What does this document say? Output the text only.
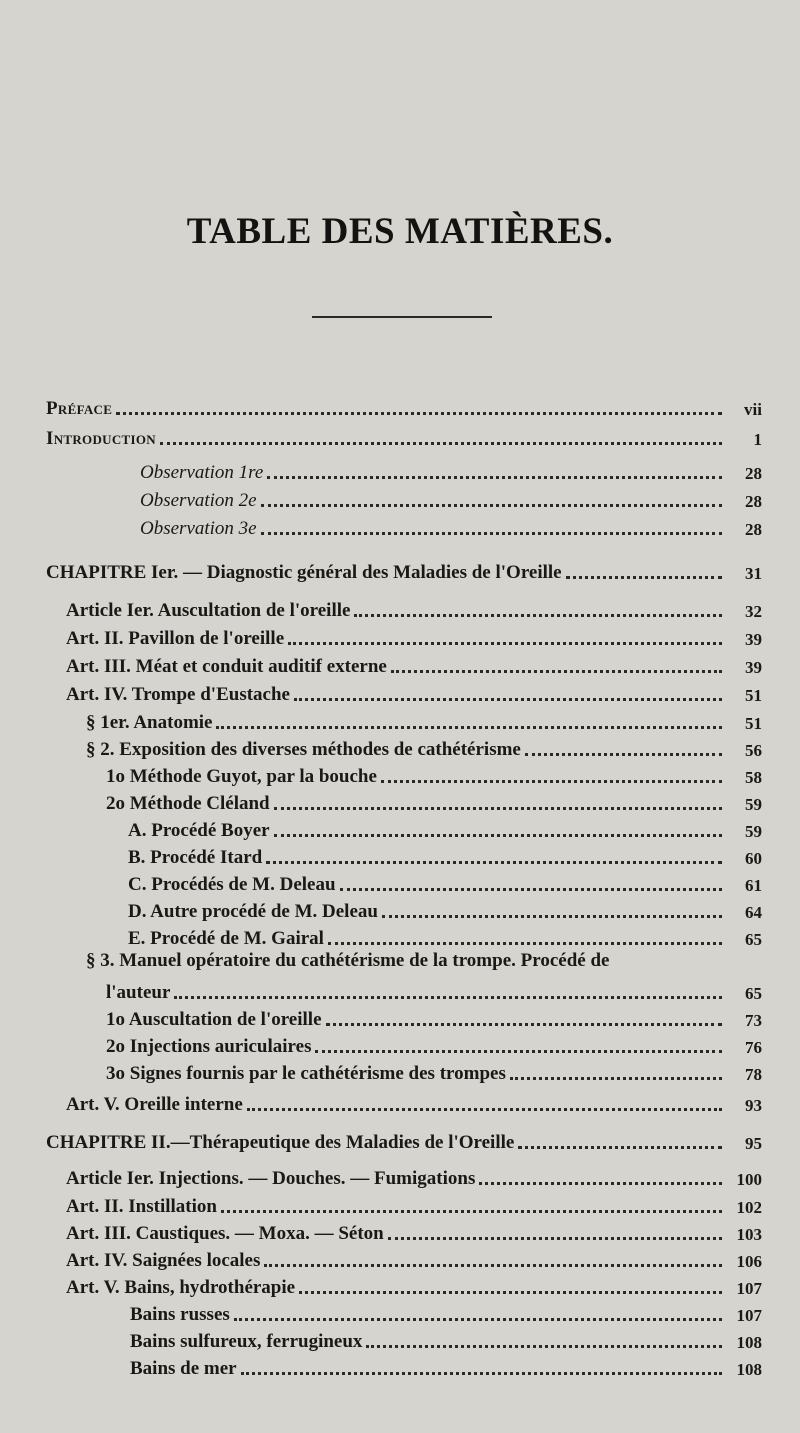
TABLE DES MATIÈRES.
Préface	vii
Introduction	1
Observation 1re	28
Observation 2e	28
Observation 3e	28
CHAPITRE Ier. — Diagnostic général des Maladies de l'Oreille	31
Article Ier. Auscultation de l'oreille	32
Art. II. Pavillon de l'oreille	39
Art. III. Méat et conduit auditif externe	39
Art. IV. Trompe d'Eustache	51
§ 1er. Anatomie	51
§ 2. Exposition des diverses méthodes de cathétérisme	56
1o Méthode Guyot, par la bouche	58
2o Méthode Cléland	59
A. Procédé Boyer	59
B. Procédé Itard	60
C. Procédés de M. Deleau	61
D. Autre procédé de M. Deleau	64
E. Procédé de M. Gairal	65
§ 3. Manuel opératoire du cathétérisme de la trompe. Procédé de
l'auteur	65
1o Auscultation de l'oreille	73
2o Injections auriculaires	76
3o Signes fournis par le cathétérisme des trompes	78
Art. V. Oreille interne	93
CHAPITRE II.—Thérapeutique des Maladies de l'Oreille	95
Article Ier. Injections. — Douches. — Fumigations	100
Art. II. Instillation	102
Art. III. Caustiques. — Moxa. — Séton	103
Art. IV. Saignées locales	106
Art. V. Bains, hydrothérapie	107
Bains russes	107
Bains sulfureux, ferrugineux	108
Bains de mer	108
